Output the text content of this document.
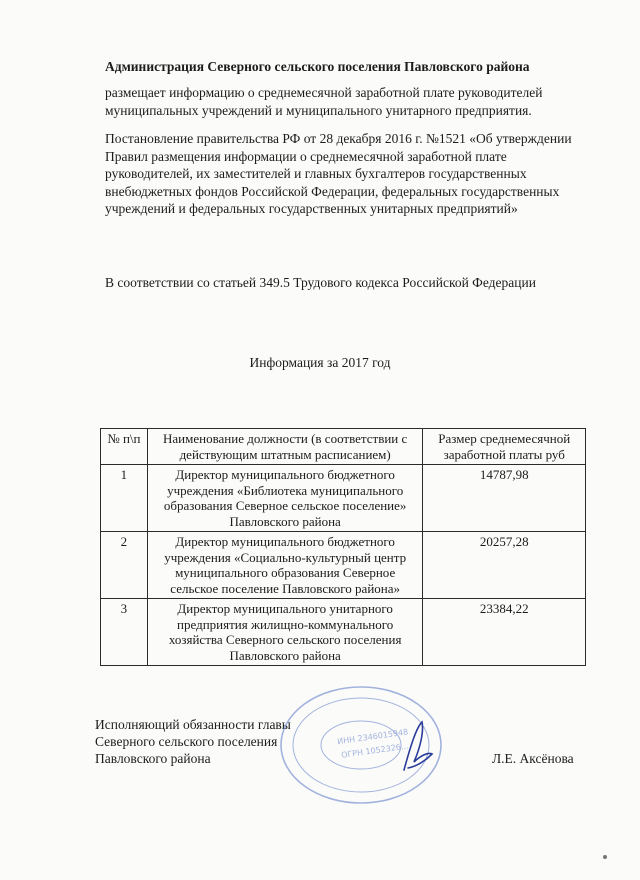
Администрация Северного сельского поселения Павловского района
размещает информацию о среднемесячной заработной плате руководителей муниципальных учреждений и муниципального унитарного предприятия.
Постановление правительства РФ от 28 декабря 2016 г. №1521 «Об утверждении Правил размещения информации о среднемесячной заработной плате руководителей, их заместителей и главных бухгалтеров государственных внебюджетных фондов Российской Федерации, федеральных государственных учреждений и федеральных государственных унитарных предприятий»
В соответствии со статьей 349.5 Трудового кодекса Российской Федерации
Информация за 2017 год
№ п\п	Наименование должности (в соответствии с действующим штатным расписанием)	Размер среднемесячной заработной платы руб
1	Директор муниципального бюджетного учреждения «Библиотека муниципального образования Северное сельское поселение» Павловского района	14787,98
2	Директор муниципального бюджетного учреждения «Социально-культурный центр муниципального образования Северное сельское поселение Павловского района»	20257,28
3	Директор муниципального унитарного предприятия жилищно-коммунального хозяйства Северного сельского поселения Павловского района	23384,22
Исполняющий обязанности главы
Северного сельского поселения
Павловского района
ИНН 2346015948
ОГРН 1052326...	Л.Е. Аксёнова
